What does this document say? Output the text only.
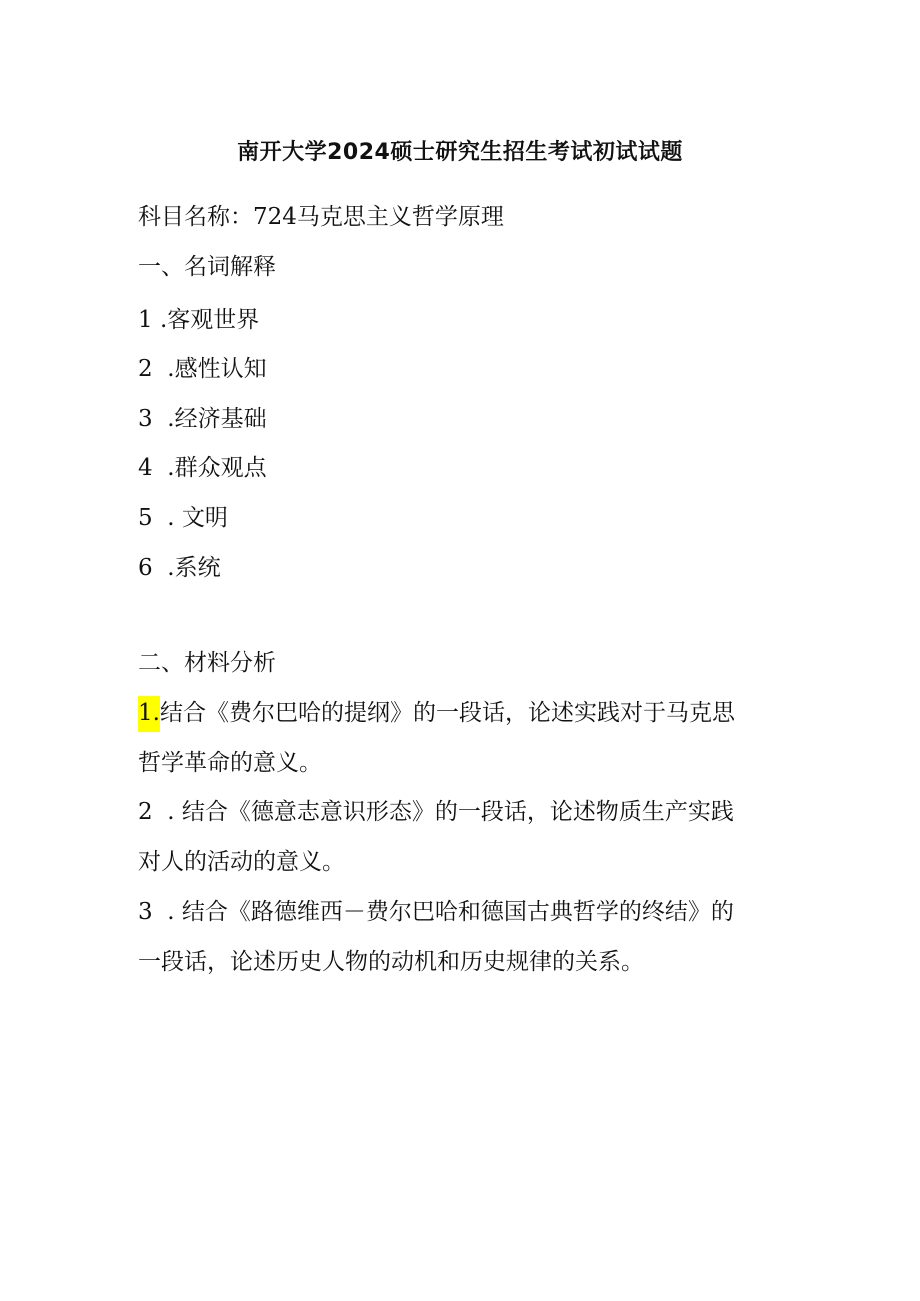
南开大学2024硕士研究生招生考试初试试题
科目名称：724马克思主义哲学原理
一、名词解释
1 .客观世界
2  .感性认知
3  .经济基础
4  .群众观点
5  . 文明
6  .系统
二、材料分析
1.结合《费尔巴哈的提纲》的一段话，论述实践对于马克思
哲学革命的意义。
2  . 结合《德意志意识形态》的一段话，论述物质生产实践
对人的活动的意义。
3  . 结合《路德维西－费尔巴哈和德国古典哲学的终结》的
一段话，论述历史人物的动机和历史规律的关系。
